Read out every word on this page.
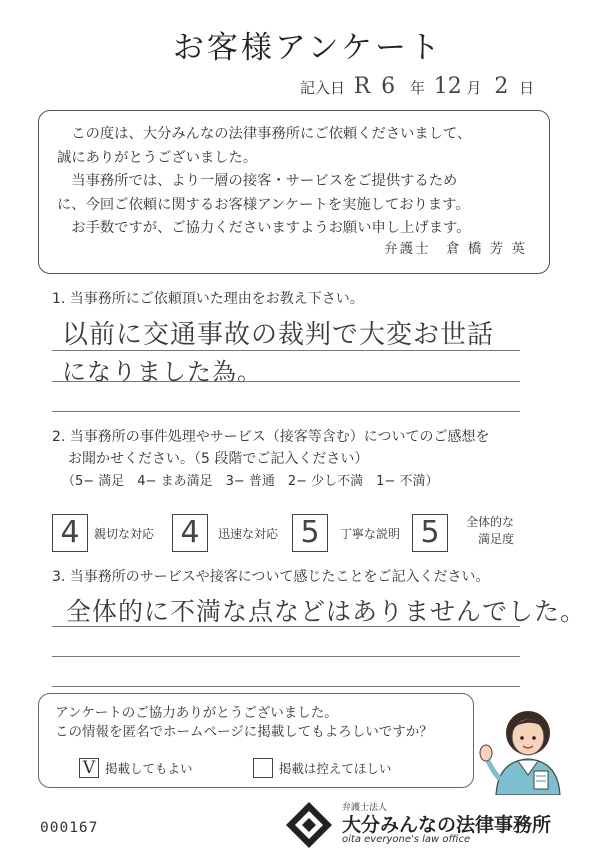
お客様アンケート
記入日 R 6 年 12 月 2 日

この度は、大分みんなの法律事務所にご依頼くださいまして、

誠にありがとうございました。

当事務所では、より一層の接客・サービスをご提供するため

に、今回ご依頼に関するお客様アンケートを実施しております。

お手数ですが、ご協力くださいますようお願い申し上げます。

弁護士　倉 橋 芳 英
1. 当事務所にご依頼頂いた理由をお教え下さい。
以前に交通事故の裁判で大変お世話
になりました為。
2. 当事務所の事件処理やサービス（接客等含む）についてのご感想を
お聞かせください。（5 段階でご記入ください）
（5− 満足　4− まあ満足　3− 普通　2− 少し不満　1− 不満）
4	親切な対応 4	迅速な対応 5	丁寧な説明 5	全体的な
満足度
3. 当事務所のサービスや接客について感じたことをご記入ください。
全体的に不満な点などはありませんでした。
アンケートのご協力ありがとうございました。
この情報を匿名でホームページに掲載してもよろしいですか？
V 掲載してもよい	掲載は控えてほしい
000167
弁護士法人
大分みんなの法律事務所
oita everyone's law office
